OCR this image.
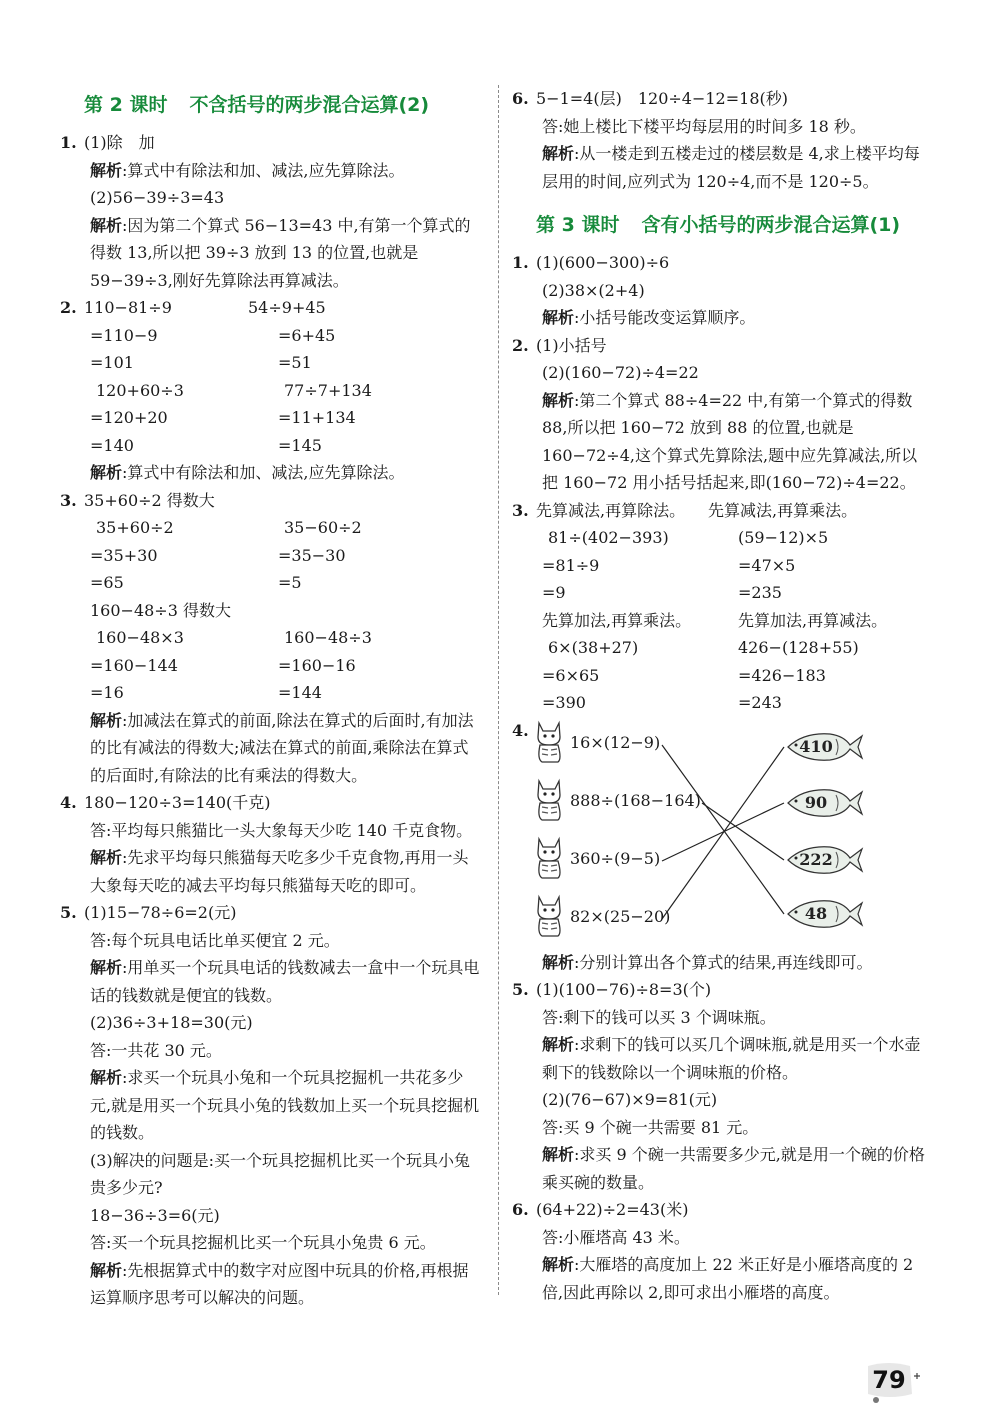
第 2 课时 不含括号的两步混合运算(2)
1. (1)除　加
解析:算式中有除法和加、减法,应先算除法。
(2)56−39÷3=43
解析:因为第二个算式 56−13=43 中,有第一个算式的得数 13,所以把 39÷3 放到 13 的位置,也就是 59−39÷3,刚好先算除法再算减法。
2. 110−81÷9	54÷9+45
=110−9	=6+45
=101	=51
120+60÷3	77÷7+134
=120+20	=11+134
=140	=145
解析:算式中有除法和加、减法,应先算除法。
3. 35+60÷2 得数大
35+60÷2	35−60÷2
=35+30	=35−30
=65	=5
160−48÷3 得数大
160−48×3	160−48÷3
=160−144	=160−16
=16	=144
解析:加减法在算式的前面,除法在算式的后面时,有加法的比有减法的得数大;减法在算式的前面,乘除法在算式的后面时,有除法的比有乘法的得数大。
4. 180−120÷3=140(千克)
答:平均每只熊猫比一头大象每天少吃 140 千克食物。
解析:先求平均每只熊猫每天吃多少千克食物,再用一头大象每天吃的减去平均每只熊猫每天吃的即可。
5. (1)15−78÷6=2(元)
答:每个玩具电话比单买便宜 2 元。
解析:用单买一个玩具电话的钱数减去一盒中一个玩具电话的钱数就是便宜的钱数。
(2)36÷3+18=30(元)
答:一共花 30 元。
解析:求买一个玩具小兔和一个玩具挖掘机一共花多少元,就是用买一个玩具小兔的钱数加上买一个玩具挖掘机的钱数。
(3)解决的问题是:买一个玩具挖掘机比买一个玩具小兔贵多少元?
18−36÷3=6(元)
答:买一个玩具挖掘机比买一个玩具小兔贵 6 元。
解析:先根据算式中的数字对应图中玩具的价格,再根据运算顺序思考可以解决的问题。
6. 5−1=4(层)　120÷4−12=18(秒)
答:她上楼比下楼平均每层用的时间多 18 秒。
解析:从一楼走到五楼走过的楼层数是 4,求上楼平均每层用的时间,应列式为 120÷4,而不是 120÷5。
第 3 课时 含有小括号的两步混合运算(1)
1. (1)(600−300)÷6
(2)38×(2+4)
解析:小括号能改变运算顺序。
2. (1)小括号
(2)(160−72)÷4=22
解析:第二个算式 88÷4=22 中,有第一个算式的得数 88,所以把 160−72 放到 88 的位置,也就是 160−72÷4,这个算式先算除法,题中应先算减法,所以把 160−72 用小括号括起来,即(160−72)÷4=22。
3. 先算减法,再算除法。	先算减法,再算乘法。
81÷(402−393)	(59−12)×5
=81÷9	=47×5
=9	=235
先算加法,再算乘法。	先算加法,再算减法。
6×(38+27)	426−(128+55)
=6×65	=426−183
=390	=243
4.
16×(12−9)
888÷(168−164)
360÷(9−5)
82×(25−20)
410
90
222
48
解析:分别计算出各个算式的结果,再连线即可。
5. (1)(100−76)÷8=3(个)
答:剩下的钱可以买 3 个调味瓶。
解析:求剩下的钱可以买几个调味瓶,就是用买一个水壶剩下的钱数除以一个调味瓶的价格。
(2)(76−67)×9=81(元)
答:买 9 个碗一共需要 81 元。
解析:求买 9 个碗一共需要多少元,就是用一个碗的价格乘买碗的数量。
6. (64+22)÷2=43(米)
答:小雁塔高 43 米。
解析:大雁塔的高度加上 22 米正好是小雁塔高度的 2 倍,因此再除以 2,即可求出小雁塔的高度。
79
